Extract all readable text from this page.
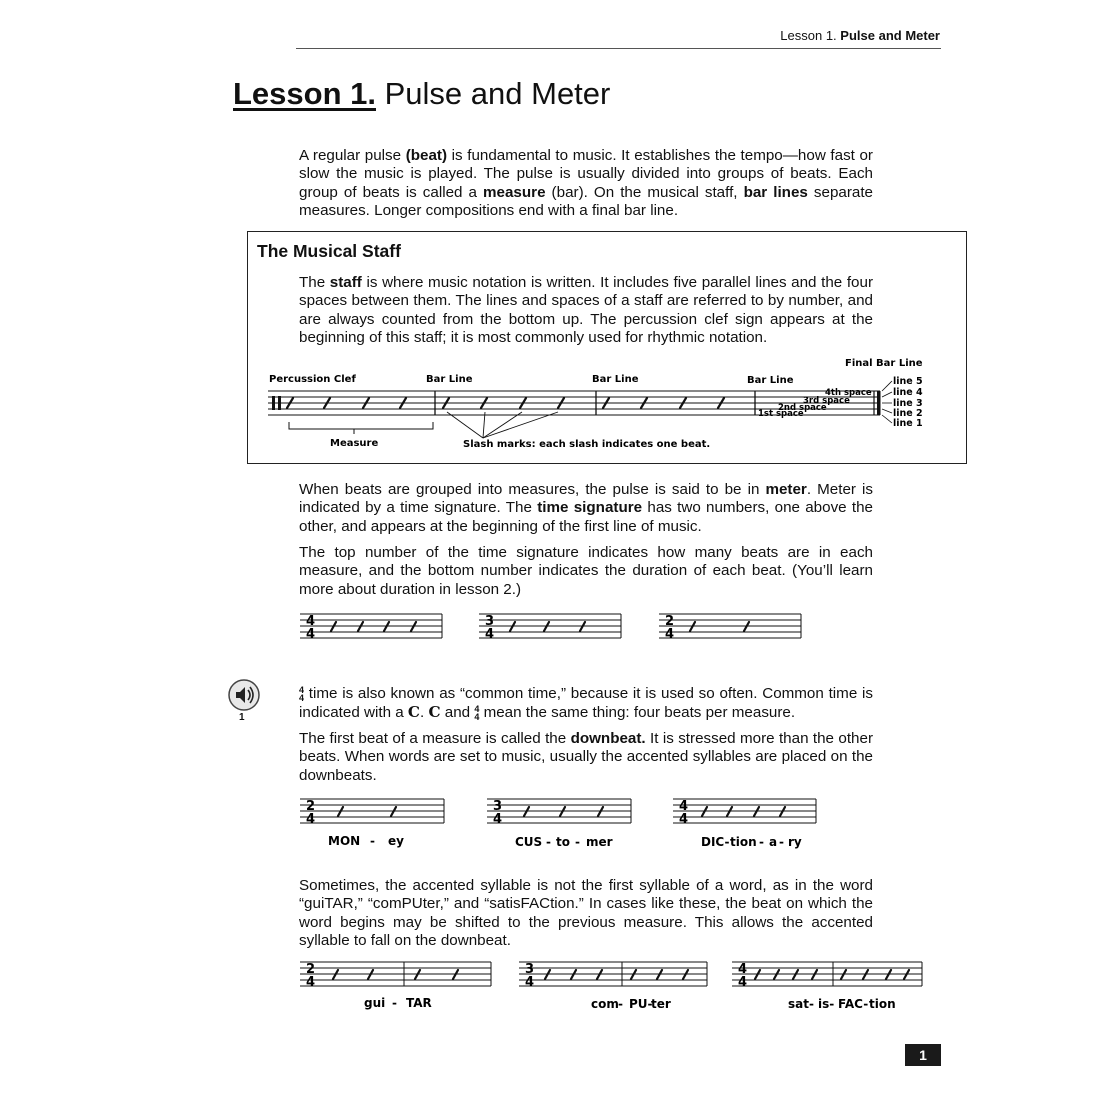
Lesson 1. Pulse and Meter
Lesson 1. Pulse and Meter
A regular pulse (beat) is fundamental to music. It establishes the tempo—how fast or slow the music is played. The pulse is usually divided into groups of beats. Each group of beats is called a measure (bar). On the musical staff, bar lines separate measures. Longer compositions end with a final bar line.
The Musical Staff
The staff is where music notation is written. It includes five parallel lines and the four spaces between them. The lines and spaces of a staff are referred to by number, and are always counted from the bottom up. The percussion clef sign appears at the beginning of this staff; it is most commonly used for rhythmic notation.
Percussion Clef	Bar Line	Bar Line	Bar Line
Final Bar Line
4th space
3rd space
2nd space
1st space
line 5
line 4
line 3
line 2
line 1
Measure	Slash marks: each slash indicates one beat.
When beats are grouped into measures, the pulse is said to be in meter. Meter is indicated by a time signature. The time signature has two numbers, one above the other, and appears at the beginning of the first line of music.
The top number of the time signature indicates how many beats are in each measure, and the bottom number indicates the duration of each beat. (You’ll learn more about duration in lesson 2.)
4
4
3
4
2
4
1
4
4 time is also known as “common time,” because it is used so often. Common time is indicated with a C. C and 4
4 mean the same thing: four beats per measure.
The first beat of a measure is called the downbeat. It is stressed more than the other beats. When words are set to music, usually the accented syllables are placed on the downbeats.
2
4
MON - ey
3
4
CUS - to - mer
4
4
DIC- tion - a - ry
Sometimes, the accented syllable is not the first syllable of a word, as in the word “guiTAR,” “comPUter,” and “satisFACtion.” In cases like these, the beat on which the word begins may be shifted to the previous measure. This allows the accented syllable to fall on the downbeat.
2
4
gui - TAR
3
4
com - PU-
ter
4
4
sat- is- FAC- tion
1
